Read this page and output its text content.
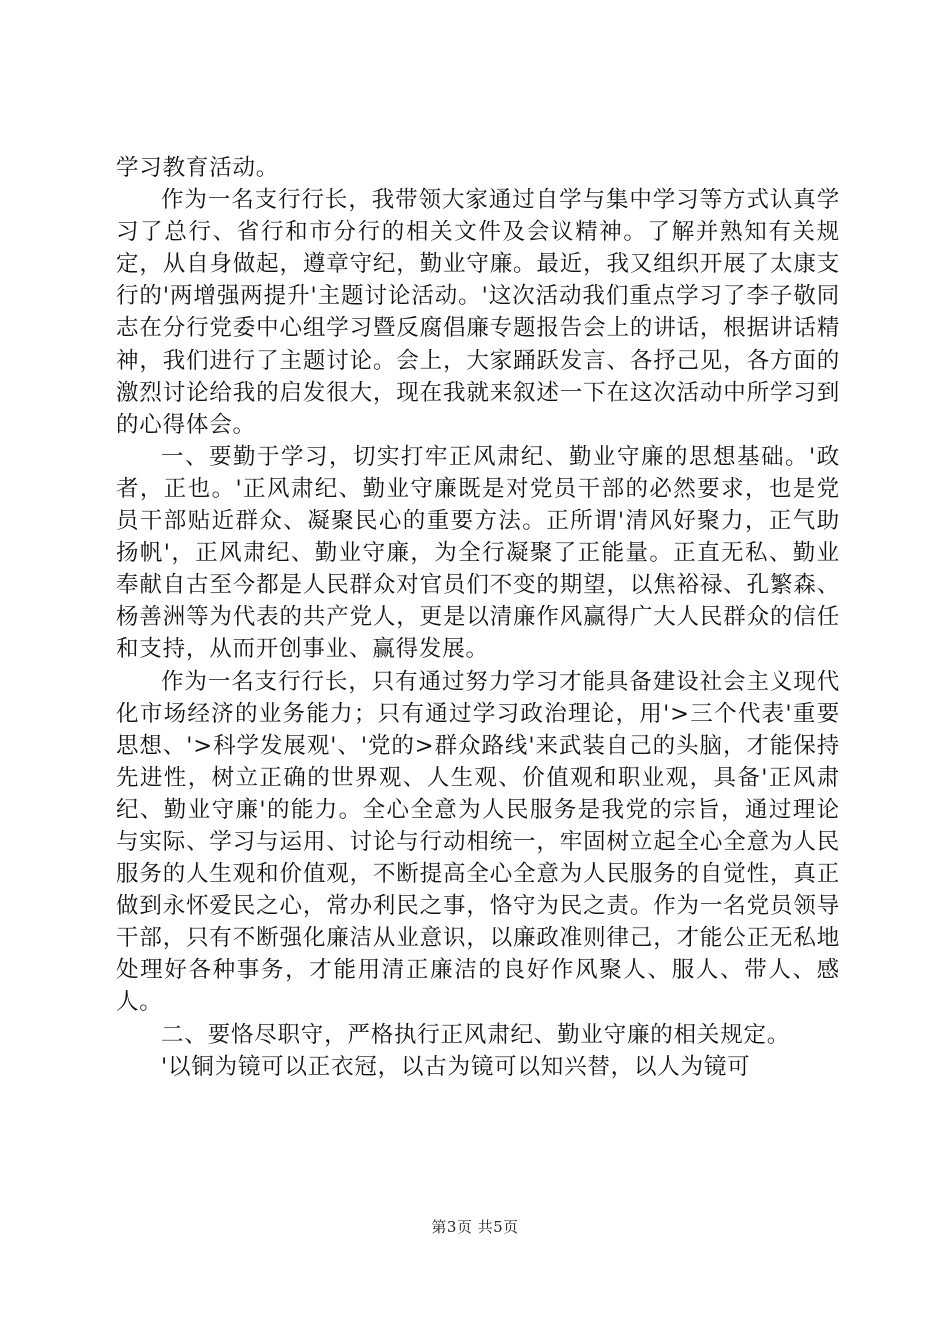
学习教育活动。

作为一名支行行长，我带领大家通过自学与集中学习等方式认真学习了总行、省行和市分行的相关文件及会议精神。了解并熟知有关规定，从自身做起，遵章守纪，勤业守廉。最近，我又组织开展了太康支行的'两增强两提升'主题讨论活动。'这次活动我们重点学习了李子敬同志在分行党委中心组学习暨反腐倡廉专题报告会上的讲话，根据讲话精神，我们进行了主题讨论。会上，大家踊跃发言、各抒己见，各方面的激烈讨论给我的启发很大，现在我就来叙述一下在这次活动中所学习到的心得体会。

一、要勤于学习，切实打牢正风肃纪、勤业守廉的思想基础。'政者，正也。'正风肃纪、勤业守廉既是对党员干部的必然要求，也是党员干部贴近群众、凝聚民心的重要方法。正所谓'清风好聚力，正气助扬帆'，正风肃纪、勤业守廉，为全行凝聚了正能量。正直无私、勤业奉献自古至今都是人民群众对官员们不变的期望，以焦裕禄、孔繁森、杨善洲等为代表的共产党人，更是以清廉作风赢得广大人民群众的信任和支持，从而开创事业、赢得发展。

作为一名支行行长，只有通过努力学习才能具备建设社会主义现代化市场经济的业务能力；只有通过学习政治理论，用'>三个代表'重要思想、'>科学发展观'、'党的>群众路线'来武装自己的头脑，才能保持先进性，树立正确的世界观、人生观、价值观和职业观，具备'正风肃纪、勤业守廉'的能力。全心全意为人民服务是我党的宗旨，通过理论与实际、学习与运用、讨论与行动相统一，牢固树立起全心全意为人民服务的人生观和价值观，不断提高全心全意为人民服务的自觉性，真正做到永怀爱民之心，常办利民之事，恪守为民之责。作为一名党员领导干部，只有不断强化廉洁从业意识，以廉政准则律己，才能公正无私地处理好各种事务，才能用清正廉洁的良好作风聚人、服人、带人、感人。

二、要恪尽职守，严格执行正风肃纪、勤业守廉的相关规定。

'以铜为镜可以正衣冠，以古为镜可以知兴替，以人为镜可

第3页 共5页
